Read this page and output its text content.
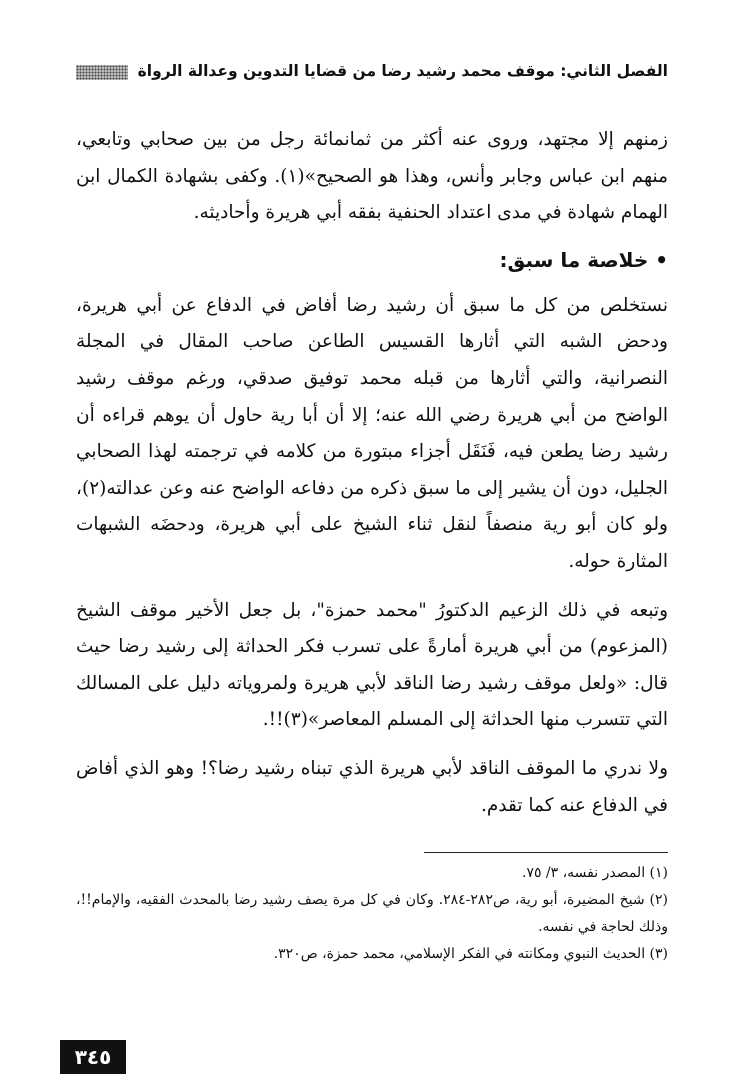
الفصل الثاني: موقف محمد رشيد رضا من قضايا التدوين وعدالة الرواة

زمنهم إلا مجتهد، وروى عنه أكثر من ثمانمائة رجل من بين صحابي وتابعي، منهم ابن عباس وجابر وأنس، وهذا هو الصحيح»(١). وكفى بشهادة الكمال ابن الهمام شهادة في مدى اعتداد الحنفية بفقه أبي هريرة وأحاديثه.

• خلاصة ما سبق:

نستخلص من كل ما سبق أن رشيد رضا أفاض في الدفاع عن أبي هريرة، ودحض الشبه التي أثارها القسيس الطاعن صاحب المقال في المجلة النصرانية، والتي أثارها من قبله محمد توفيق صدقي، ورغم موقف رشيد الواضح من أبي هريرة رضي الله عنه؛ إلا أن أبا رية حاول أن يوهم قراءه أن رشيد رضا يطعن فيه، فَنَقَل أجزاء مبتورة من كلامه في ترجمته لهذا الصحابي الجليل، دون أن يشير إلى ما سبق ذكره من دفاعه الواضح عنه وعن عدالته(٢)، ولو كان أبو رية منصفاً لنقل ثناء الشيخ على أبي هريرة، ودحضَه الشبهات المثارة حوله.

وتبعه في ذلك الزعيم الدكتورُ "محمد حمزة"، بل جعل الأخير موقف الشيخ (المزعوم) من أبي هريرة أمارةً على تسرب فكر الحداثة إلى رشيد رضا حيث قال: «ولعل موقف رشيد رضا الناقد لأبي هريرة ولمروياته دليل على المسالك التي تتسرب منها الحداثة إلى المسلم المعاصر»(٣)!!.

ولا ندري ما الموقف الناقد لأبي هريرة الذي تبناه رشيد رضا؟! وهو الذي أفاض في الدفاع عنه كما تقدم.

(١) المصدر نفسه، ٣/ ٧٥.

(٢) شيخ المضيرة، أبو رية، ص٢٨٢-٢٨٤. وكان في كل مرة يصف رشيد رضا بالمحدث الفقيه، والإمام!!، وذلك لحاجة في نفسه.

(٣) الحديث النبوي ومكانته في الفكر الإسلامي، محمد حمزة، ص٣٢٠.

٣٤٥
